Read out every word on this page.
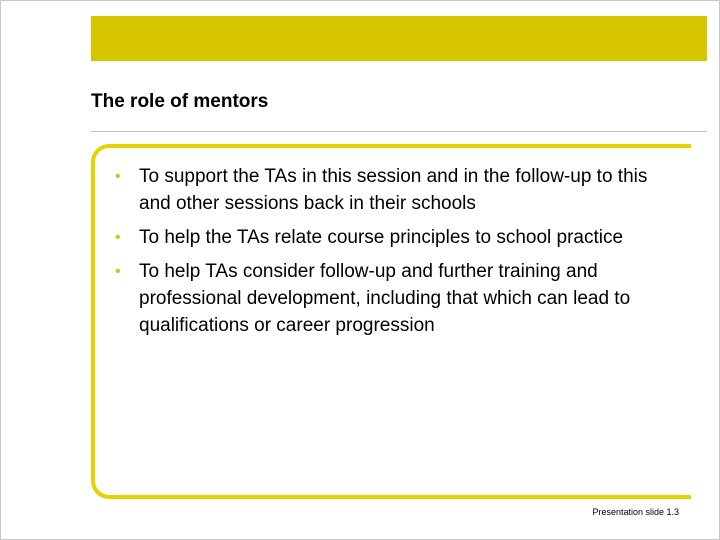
The role of mentors
• To support the TAs in this session and in the follow-up to this and other sessions back in their schools
• To help the TAs relate course principles to school practice
• To help TAs consider follow-up and further training and professional development, including that which can lead to qualifications or career progression
Presentation slide 1.3
